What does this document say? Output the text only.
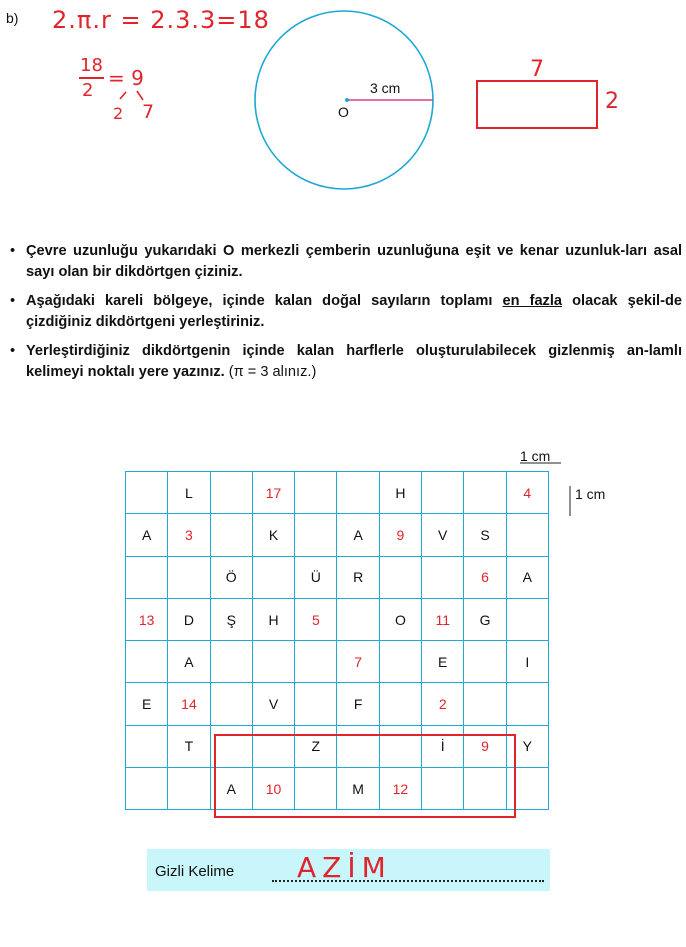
b) 2.π.r = 2.3.3=18
18
2
= 9
2 7
7
2
O
3 cm
• Çevre uzunluğu yukarıdaki O merkezli çemberin uzunluğuna eşit ve kenar uzunluk-ları asal sayı olan bir dikdörtgen çiziniz.
• Aşağıdaki kareli bölgeye, içinde kalan doğal sayıların toplamı en fazla olacak şekil-de çizdiğiniz dikdörtgeni yerleştiriniz.
• Yerleştirdiğiniz dikdörtgenin içinde kalan harflerle oluşturulabilecek gizlenmiş an-lamlı kelimeyi noktalı yere yazınız. (π = 3 alınız.)
1 cm
1 cm
	L		17			H			4
A	3		K		A	9	V	S	
		Ö		Ü	R			6	A
13	D	Ş	H	5		O	11	G	
	A				7		E		I
E	14		V		F		2		
	T			Z			İ	9	Y
		A	10		M	12			
Gizli Kelime AZİM
